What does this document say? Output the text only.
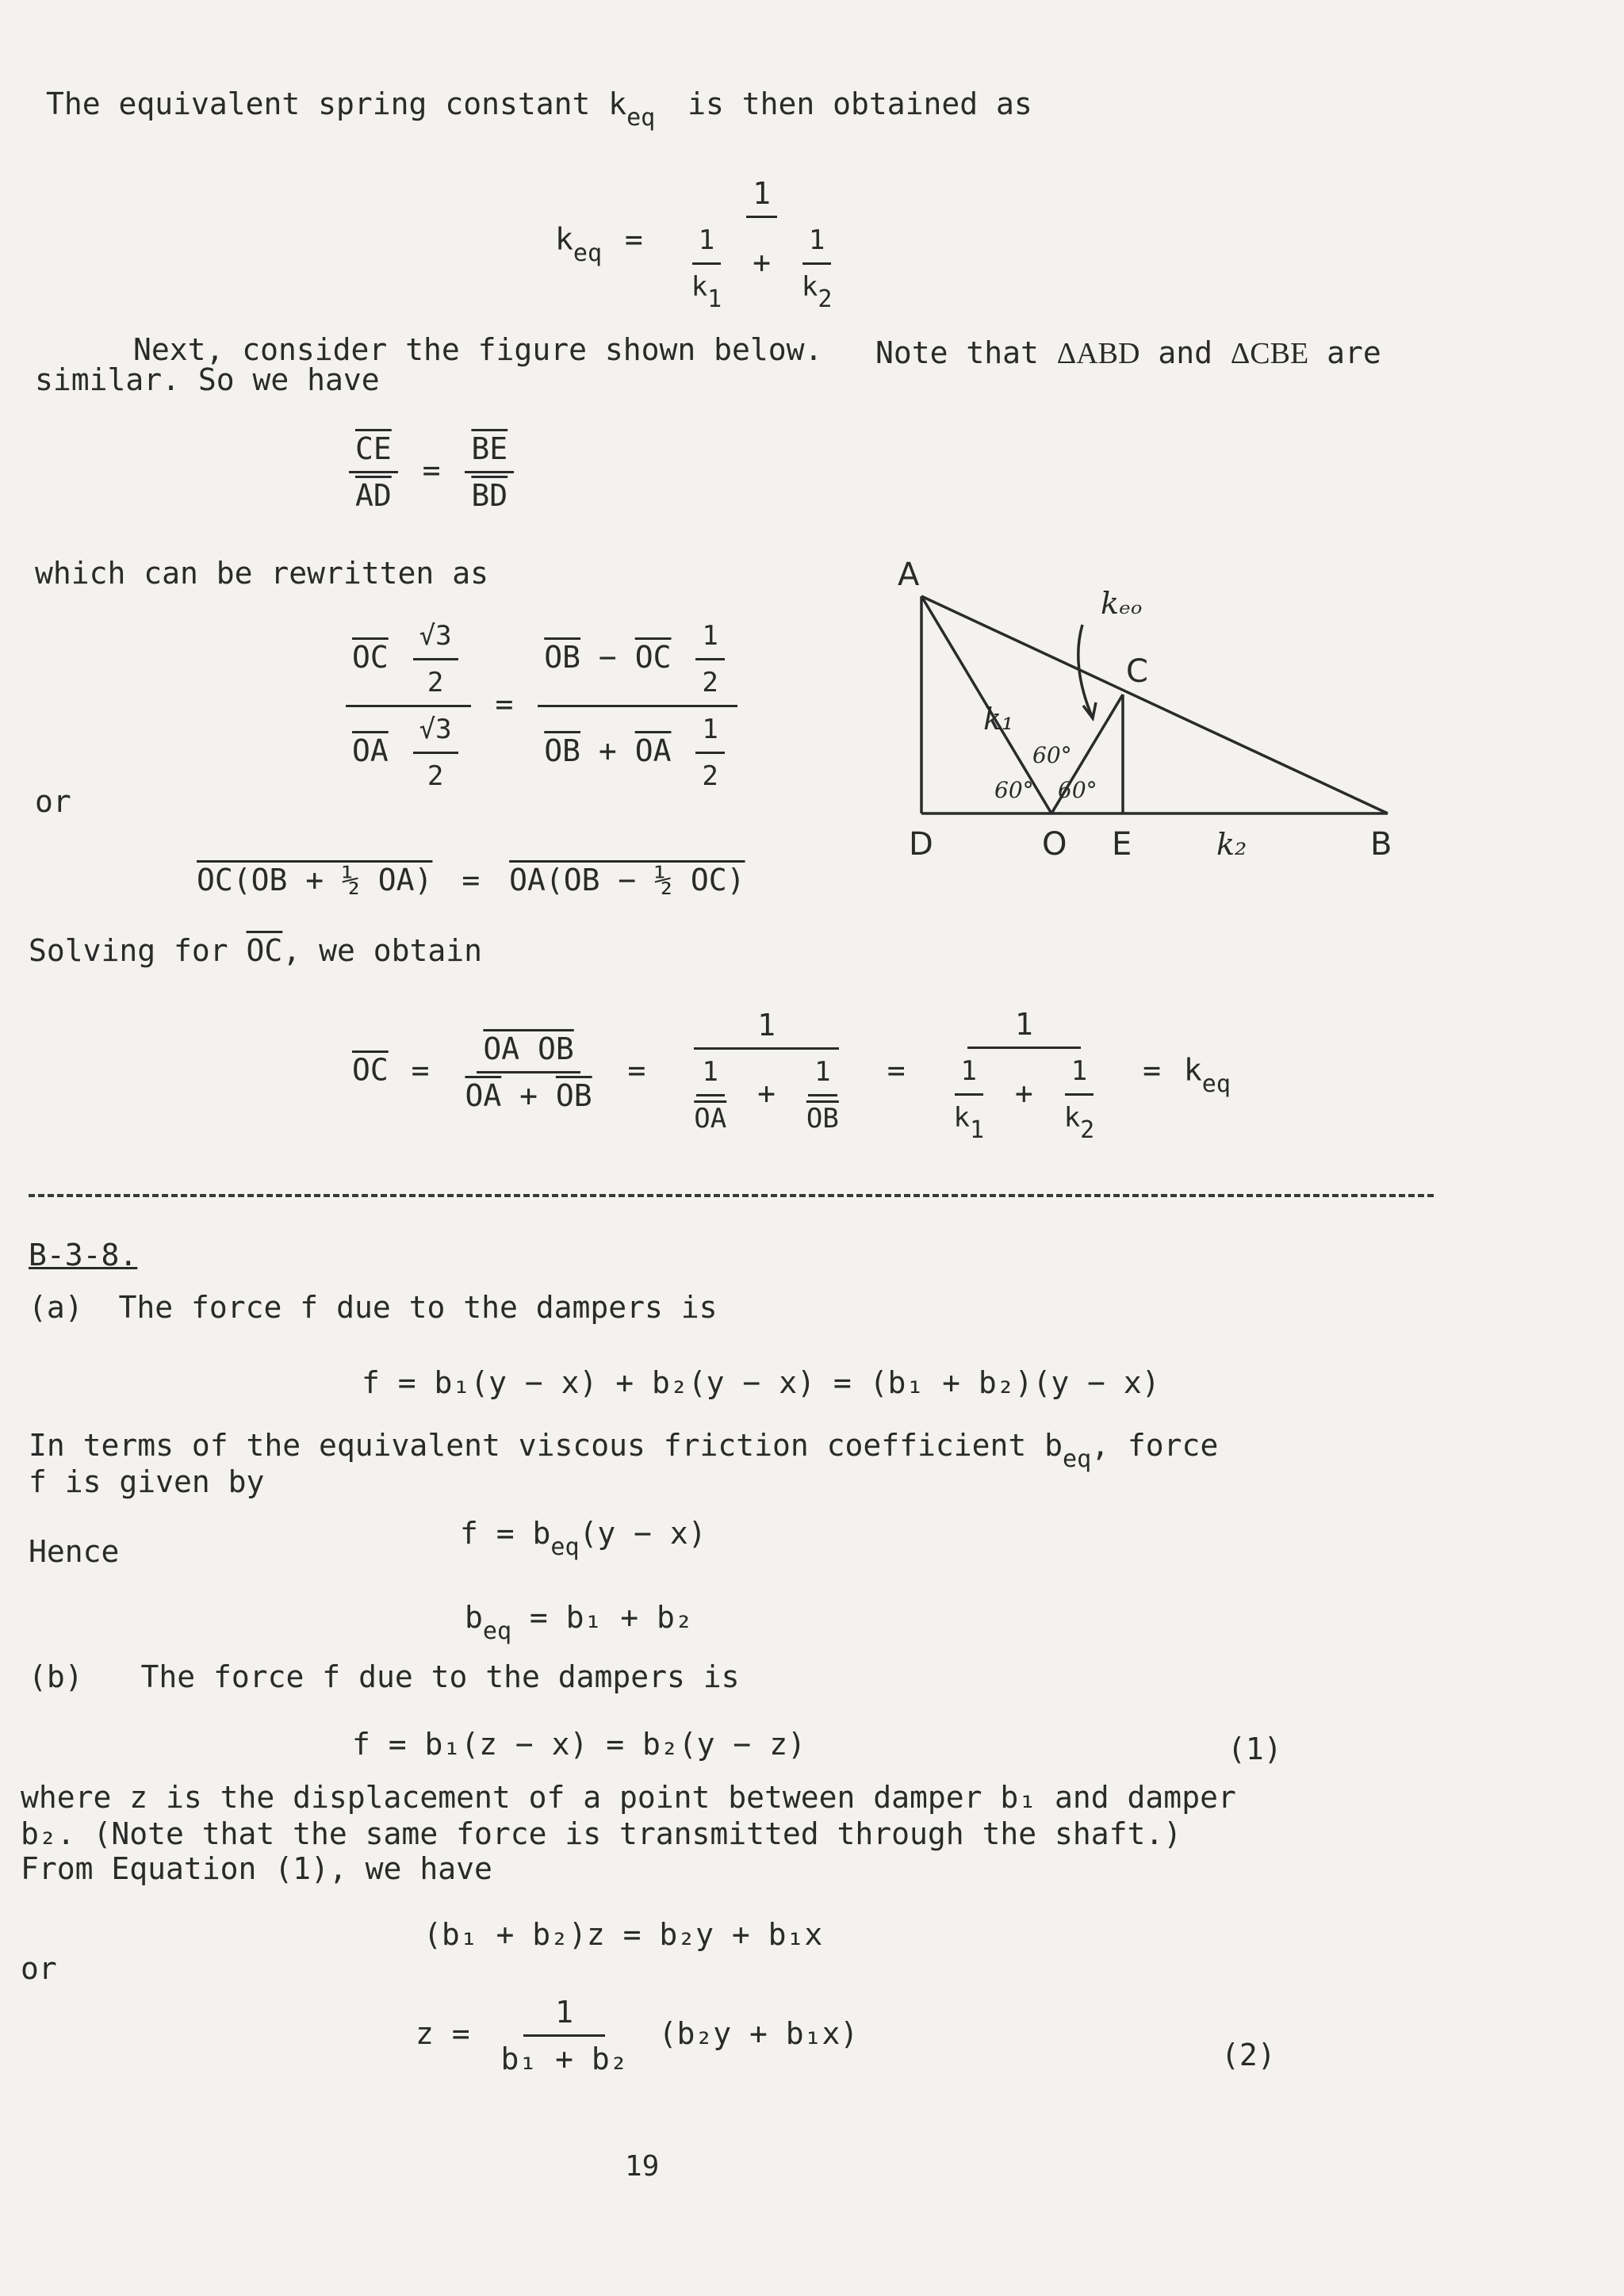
The equivalent spring constant $k_{eq}$ is then obtained as
$k_{eq} = \frac{1}{\frac{1}{k1} + \frac{1}{k2}}$
Next, consider the figure shown below. Note that ΔABD and ΔCBE are
similar. So we have
$\frac{\overline{CE}}{AD} = \frac{\overline{BE}}{BD}$
which can be rewritten as
$\frac{\overline{OC} \frac{√3}{2}}{\overline{OA} \frac{√3}{2}} = \frac{\overline{OB} - \overline{OC} \frac{1}{2}}{\overline{OB} + \overline{OA} \frac{1}{2}}$
or
OC(OB + ½ OA) = OA(OB − ½ OC)
Solving for $\overline{OC}$, we obtain
$\overline{OC} = \frac{\text{OA OB}}{\overline{OA} + \overline{OB}} = \frac{1}{\frac{1}{OA} + \frac{1}{OB}} = \frac{1}{\frac{1}{k1} + \frac{1}{k2}} = k_{eq}$
A
C
D	O E	B
k₁
k₂
kₑₒ
60°
60° 60°
B-3-8.
(a) The force f due to the dampers is
f = b₁(y − x) + b₂(y − x) = (b₁ + b₂)(y − x)
In terms of the equivalent viscous friction coefficient $b_{eq}$, force
f is given by
Hence
$f = b_{eq}(y - x)$
$b_{eq} = b_1 + b_2$
(b) The force f due to the dampers is
f = b₁(z − x) = b₂(y − z)	(1)
where z is the displacement of a point between damper b₁ and damper
b₂. (Note that the same force is transmitted through the shaft.)
From Equation (1), we have
(b₁ + b₂)z = b₂y + b₁x
or
$z = \frac{1}{\text{b₁ + b₂}} (b_2y + b_1x)$
(2)
19
